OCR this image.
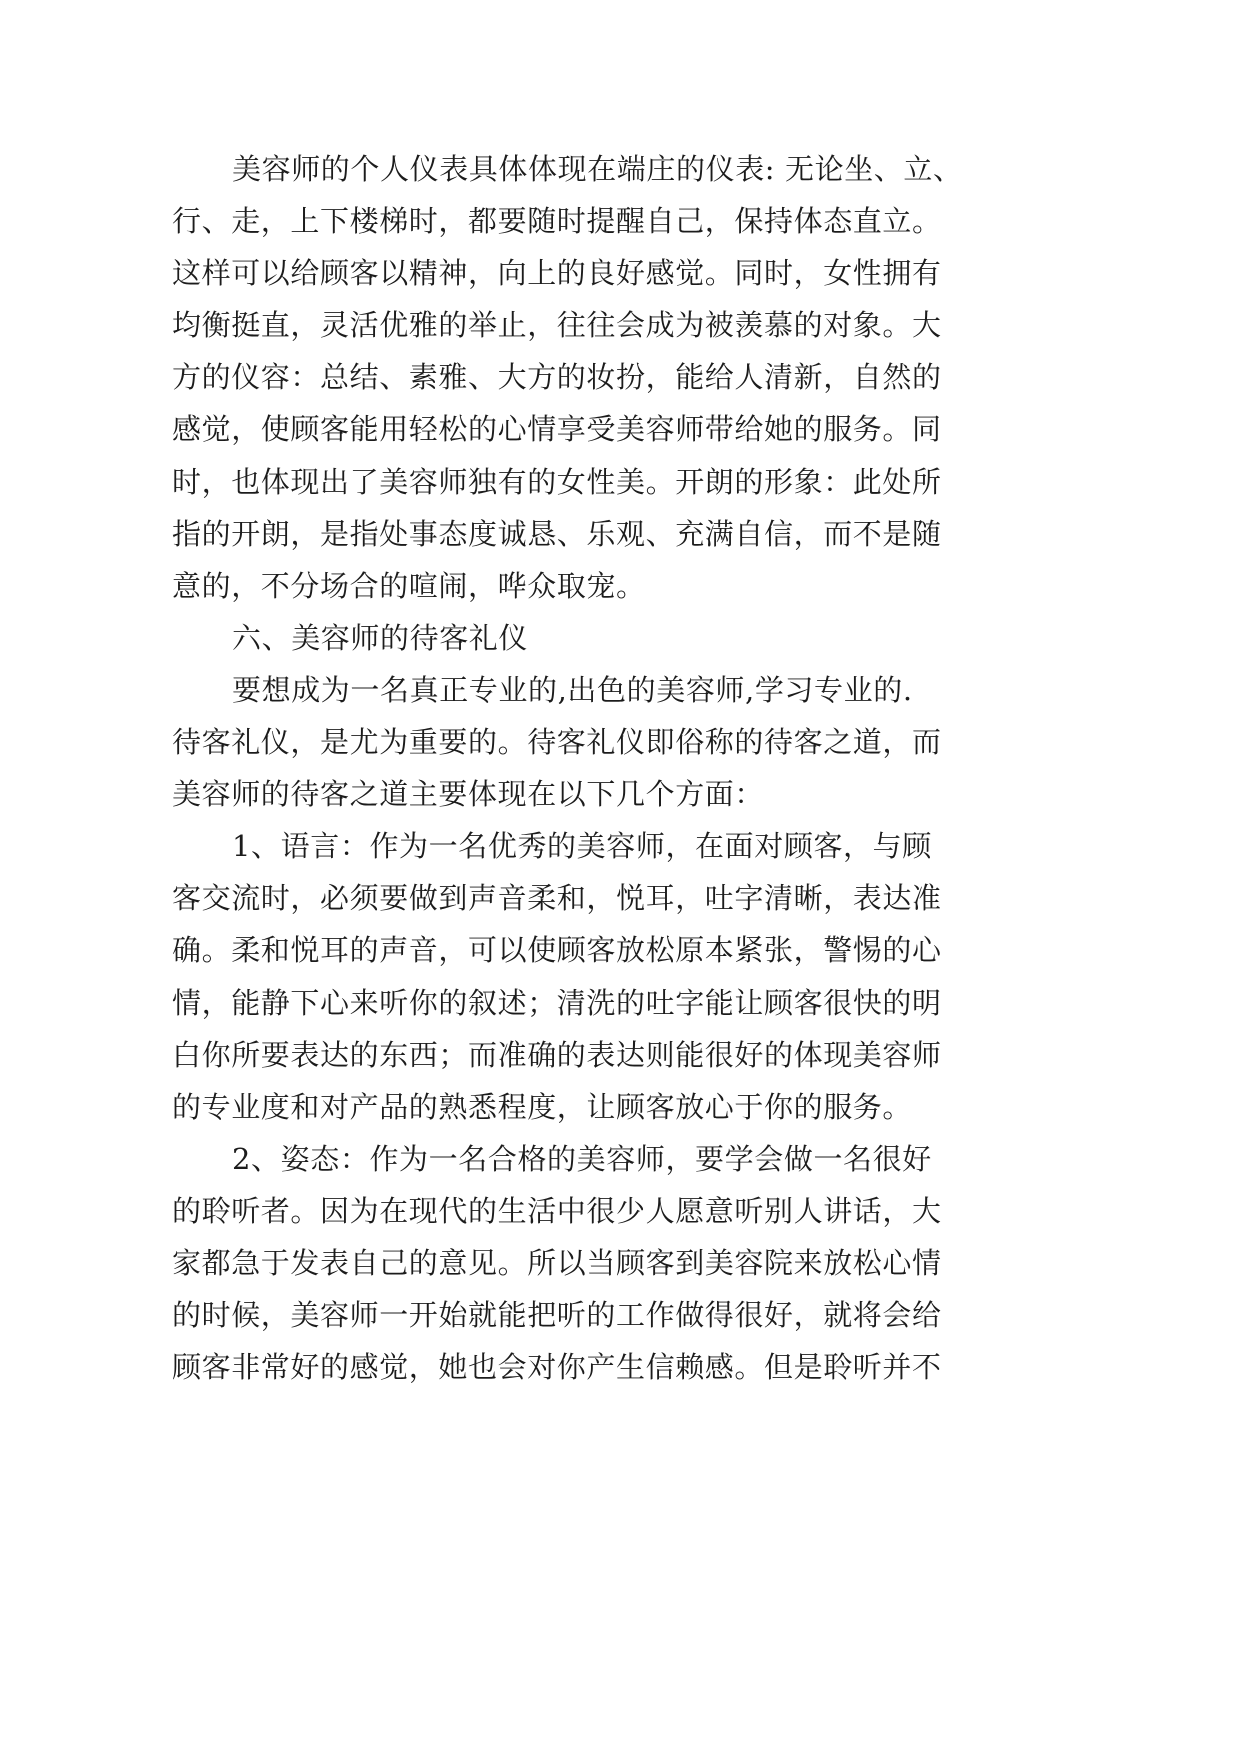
美容师的个人仪表具体体现在端庄的仪表: 无论坐、立、
行、走，上下楼梯时，都要随时提醒自己，保持体态直立。
这样可以给顾客以精神，向上的良好感觉。同时，女性拥有
均衡挺直，灵活优雅的举止，往往会成为被羡慕的对象。大
方的仪容：总结、素雅、大方的妆扮，能给人清新，自然的
感觉，使顾客能用轻松的心情享受美容师带给她的服务。同
时，也体现出了美容师独有的女性美。开朗的形象：此处所
指的开朗，是指处事态度诚恳、乐观、充满自信，而不是随
意的，不分场合的喧闹，哗众取宠。
六、美容师的待客礼仪
要想成为一名真正专业的,出色的美容师,学习专业的.
待客礼仪，是尤为重要的。待客礼仪即俗称的待客之道，而
美容师的待客之道主要体现在以下几个方面：
1、语言：作为一名优秀的美容师，在面对顾客，与顾
客交流时，必须要做到声音柔和，悦耳，吐字清晰，表达准
确。柔和悦耳的声音，可以使顾客放松原本紧张，警惕的心
情，能静下心来听你的叙述；清洗的吐字能让顾客很快的明
白你所要表达的东西；而准确的表达则能很好的体现美容师
的专业度和对产品的熟悉程度，让顾客放心于你的服务。
2、姿态：作为一名合格的美容师，要学会做一名很好
的聆听者。因为在现代的生活中很少人愿意听别人讲话，大
家都急于发表自己的意见。所以当顾客到美容院来放松心情
的时候，美容师一开始就能把听的工作做得很好，就将会给
顾客非常好的感觉，她也会对你产生信赖感。但是聆听并不
